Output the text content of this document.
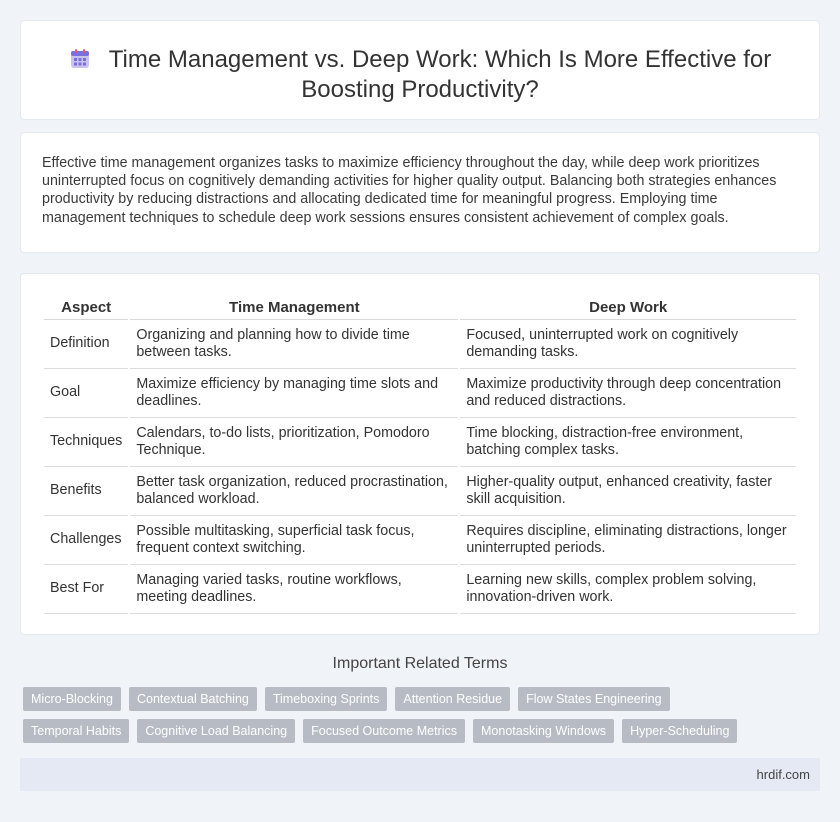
Time Management vs. Deep Work: Which Is More Effective for Boosting Productivity?

Effective time management organizes tasks to maximize efficiency throughout the day, while deep work prioritizes uninterrupted focus on cognitively demanding activities for higher quality output. Balancing both strategies enhances productivity by reducing distractions and allocating dedicated time for meaningful progress. Employing time management techniques to schedule deep work sessions ensures consistent achievement of complex goals.

Aspect	Time Management	Deep Work
Definition	Organizing and planning how to divide time between tasks.	Focused, uninterrupted work on cognitively demanding tasks.
Goal	Maximize efficiency by managing time slots and deadlines.	Maximize productivity through deep concentration and reduced distractions.
Techniques	Calendars, to-do lists, prioritization, Pomodoro Technique.	Time blocking, distraction-free environment, batching complex tasks.
Benefits	Better task organization, reduced procrastination, balanced workload.	Higher-quality output, enhanced creativity, faster skill acquisition.
Challenges	Possible multitasking, superficial task focus, frequent context switching.	Requires discipline, eliminating distractions, longer uninterrupted periods.
Best For	Managing varied tasks, routine workflows, meeting deadlines.	Learning new skills, complex problem solving, innovation-driven work.
Important Related Terms
Micro-Blocking	Contextual Batching	Timeboxing Sprints	Attention Residue	Flow States Engineering
Temporal Habits	Cognitive Load Balancing	Focused Outcome Metrics	Monotasking Windows	Hyper-Scheduling
hrdif.com
